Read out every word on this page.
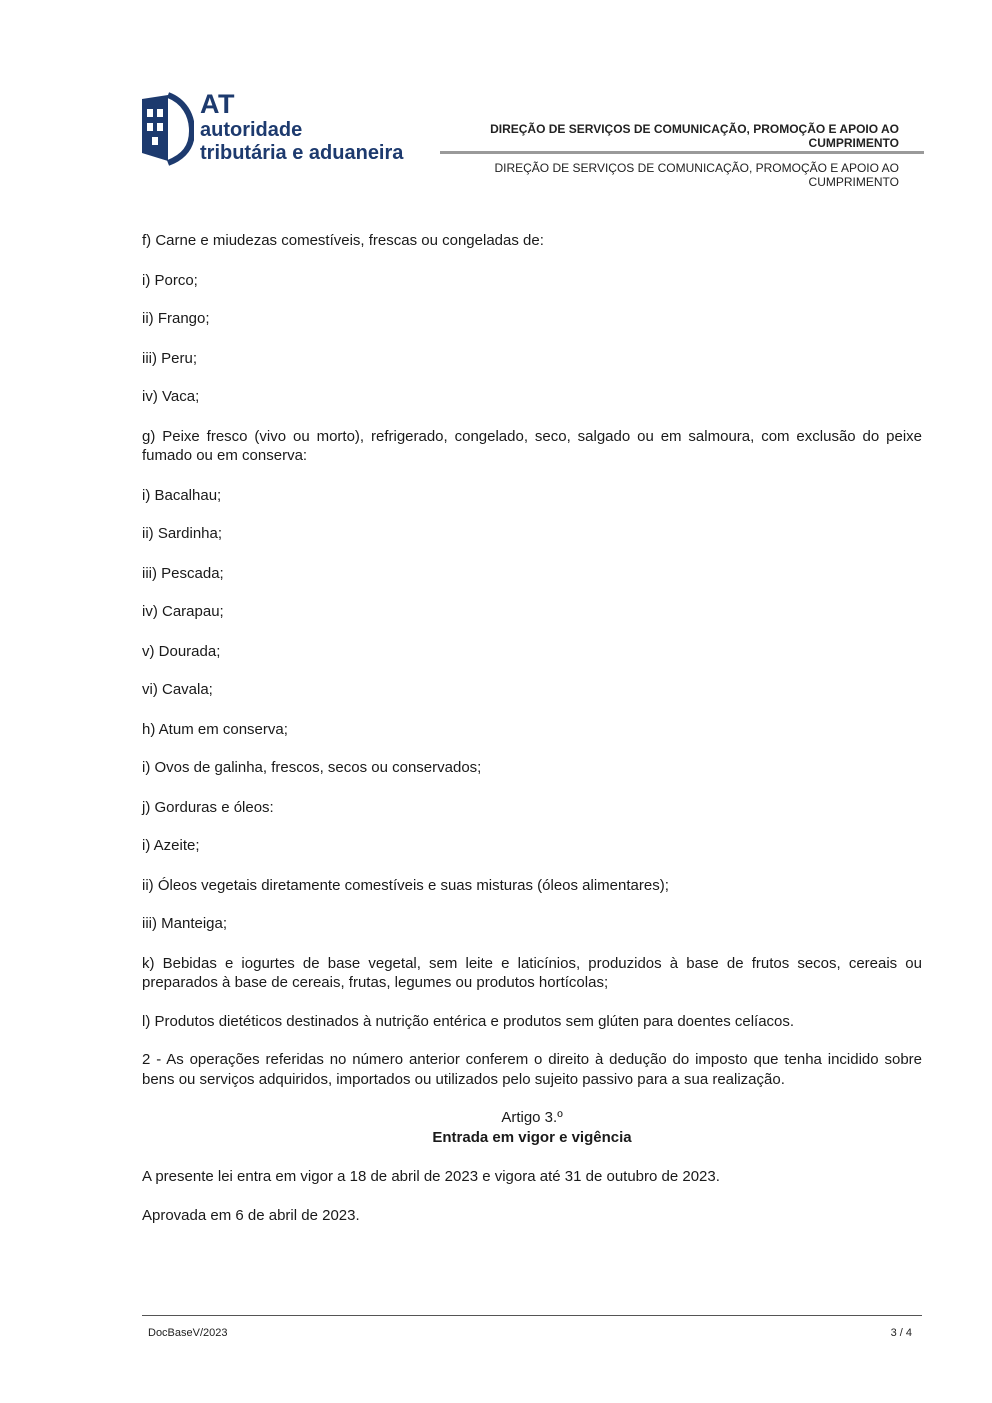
AT
autoridade
tributária e aduaneira
DIREÇÃO DE SERVIÇOS DE COMUNICAÇÃO, PROMOÇÃO E APOIO AO CUMPRIMENTO
DIREÇÃO DE SERVIÇOS DE COMUNICAÇÃO, PROMOÇÃO E APOIO AO CUMPRIMENTO

f) Carne e miudezas comestíveis, frescas ou congeladas de:

i) Porco;

ii) Frango;

iii) Peru;

iv) Vaca;

g) Peixe fresco (vivo ou morto), refrigerado, congelado, seco, salgado ou em salmoura, com exclusão do peixe fumado ou em conserva:

i) Bacalhau;

ii) Sardinha;

iii) Pescada;

iv) Carapau;

v) Dourada;

vi) Cavala;

h) Atum em conserva;

i) Ovos de galinha, frescos, secos ou conservados;

j) Gorduras e óleos:

i) Azeite;

ii) Óleos vegetais diretamente comestíveis e suas misturas (óleos alimentares);

iii) Manteiga;

k) Bebidas e iogurtes de base vegetal, sem leite e laticínios, produzidos à base de frutos secos, cereais ou preparados à base de cereais, frutas, legumes ou produtos hortícolas;

l) Produtos dietéticos destinados à nutrição entérica e produtos sem glúten para doentes celíacos.

2 - As operações referidas no número anterior conferem o direito à dedução do imposto que tenha incidido sobre bens ou serviços adquiridos, importados ou utilizados pelo sujeito passivo para a sua realização.

Artigo 3.º

Entrada em vigor e vigência

A presente lei entra em vigor a 18 de abril de 2023 e vigora até 31 de outubro de 2023.

Aprovada em 6 de abril de 2023.

DocBaseV/2023	3 / 4
